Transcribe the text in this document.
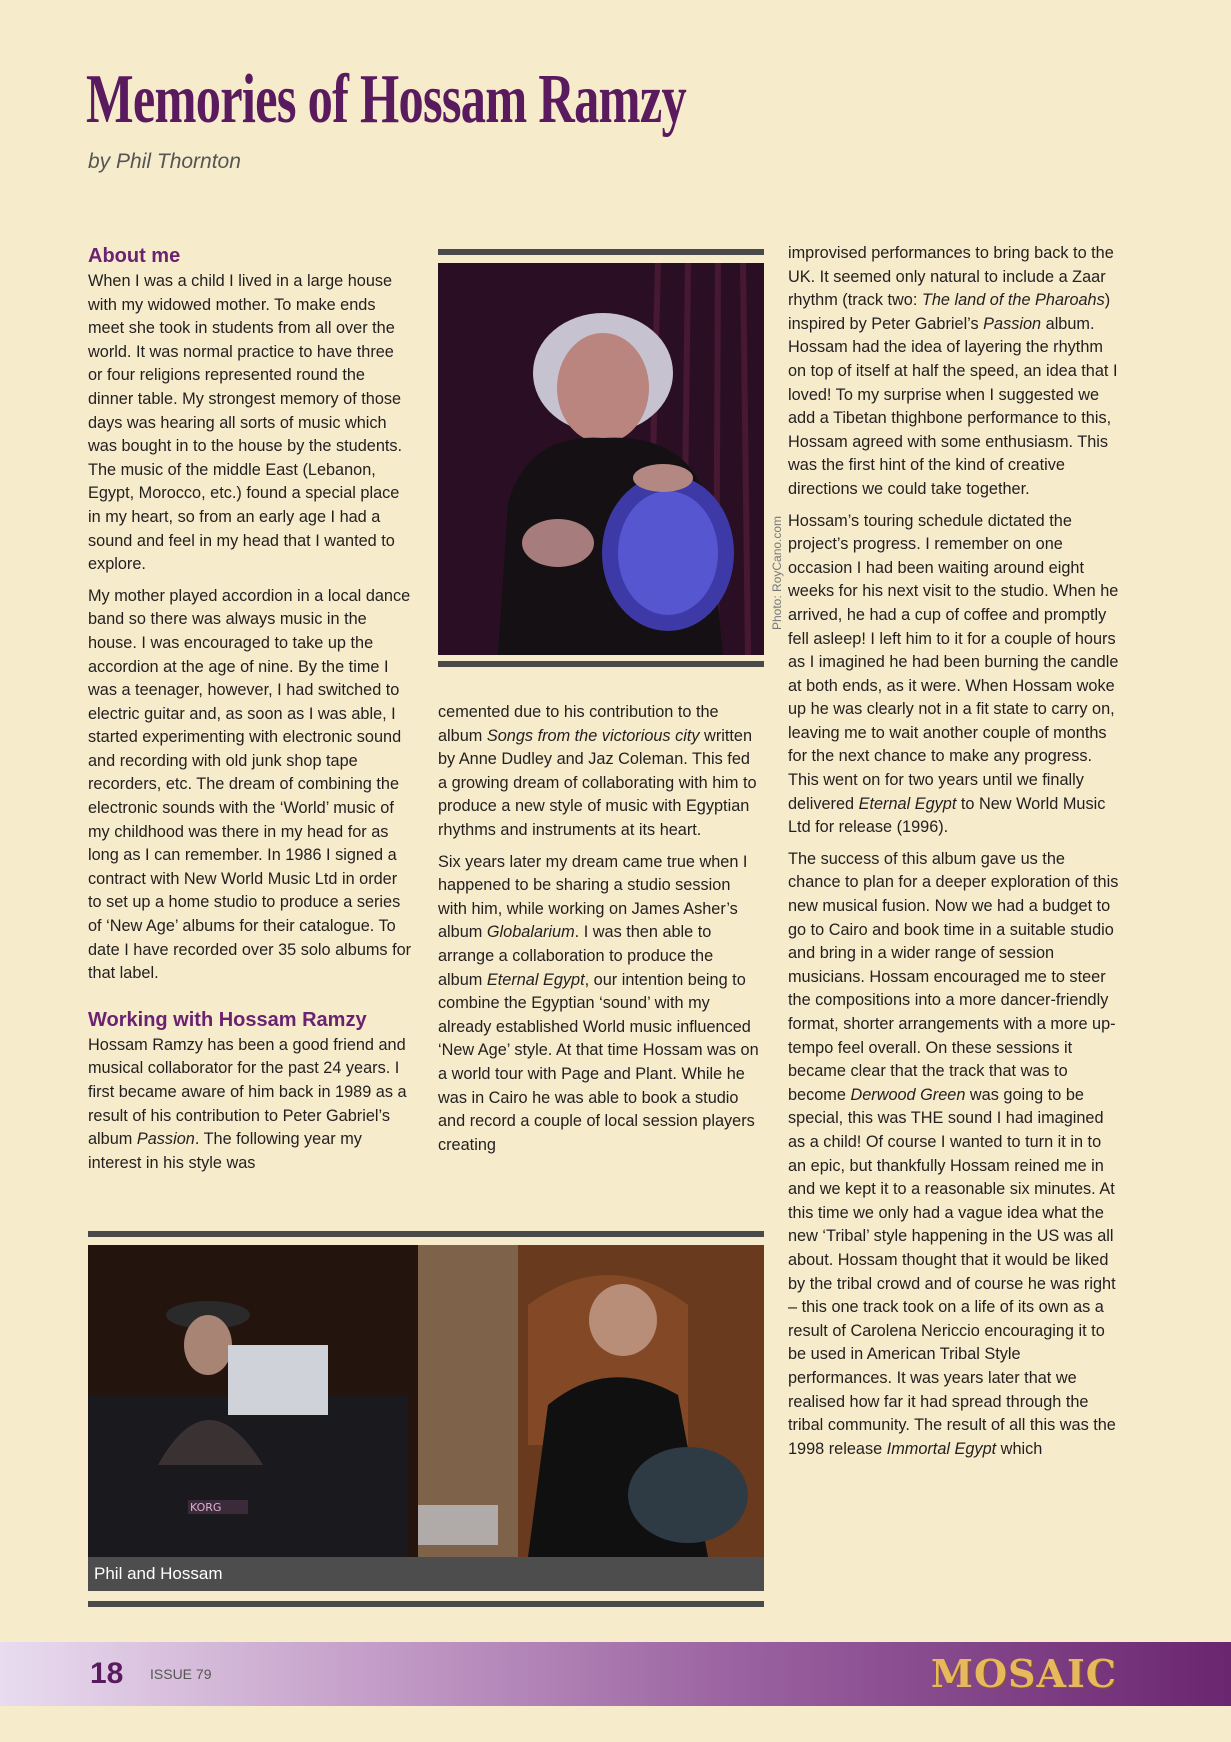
Memories of Hossam Ramzy
by Phil Thornton
About me

When I was a child I lived in a large house with my widowed mother. To make ends meet she took in students from all over the world. It was normal practice to have three or four religions represented round the dinner table. My strongest memory of those days was hearing all sorts of music which was bought in to the house by the students. The music of the middle East (Lebanon, Egypt, Morocco, etc.) found a special place in my heart, so from an early age I had a sound and feel in my head that I wanted to explore.

My mother played accordion in a local dance band so there was always music in the house. I was encouraged to take up the accordion at the age of nine. By the time I was a teenager, however, I had switched to electric guitar and, as soon as I was able, I started experimenting with electronic sound and recording with old junk shop tape recorders, etc. The dream of combining the electronic sounds with the ‘World’ music of my childhood was there in my head for as long as I can remember. In 1986 I signed a contract with New World Music Ltd in order to set up a home studio to produce a series of ‘New Age’ albums for their catalogue. To date I have recorded over 35 solo albums for that label.

Working with Hossam Ramzy

Hossam Ramzy has been a good friend and musical collaborator for the past 24 years. I first became aware of him back in 1989 as a result of his contribution to Peter Gabriel’s album Passion. The following year my interest in his style was

Photo: RoyCano.com

cemented due to his contribution to the album Songs from the victorious city written by Anne Dudley and Jaz Coleman. This fed a growing dream of collaborating with him to produce a new style of music with Egyptian rhythms and instruments at its heart.

Six years later my dream came true when I happened to be sharing a studio session with him, while working on James Asher’s album Globalarium. I was then able to arrange a collaboration to produce the album Eternal Egypt, our intention being to combine the Egyptian ‘sound’ with my already established World music influenced ‘New Age’ style. At that time Hossam was on a world tour with Page and Plant. While he was in Cairo he was able to book a studio and record a couple of local session players creating

improvised performances to bring back to the UK. It seemed only natural to include a Zaar rhythm (track two: The land of the Pharoahs) inspired by Peter Gabriel’s Passion album. Hossam had the idea of layering the rhythm on top of itself at half the speed, an idea that I loved! To my surprise when I suggested we add a Tibetan thighbone performance to this, Hossam agreed with some enthusiasm. This was the first hint of the kind of creative directions we could take together.

Hossam’s touring schedule dictated the project’s progress. I remember on one occasion I had been waiting around eight weeks for his next visit to the studio. When he arrived, he had a cup of coffee and promptly fell asleep! I left him to it for a couple of hours as I imagined he had been burning the candle at both ends, as it were. When Hossam woke up he was clearly not in a fit state to carry on, leaving me to wait another couple of months for the next chance to make any progress. This went on for two years until we finally delivered Eternal Egypt to New World Music Ltd for release (1996).

The success of this album gave us the chance to plan for a deeper exploration of this new musical fusion. Now we had a budget to go to Cairo and book time in a suitable studio and bring in a wider range of session musicians. Hossam encouraged me to steer the compositions into a more dancer-friendly format, shorter arrangements with a more up-tempo feel overall. On these sessions it became clear that the track that was to become Derwood Green was going to be special, this was THE sound I had imagined as a child! Of course I wanted to turn it in to an epic, but thankfully Hossam reined me in and we kept it to a reasonable six minutes. At this time we only had a vague idea what the new ‘Tribal’ style happening in the US was all about. Hossam thought that it would be liked by the tribal crowd and of course he was right – this one track took on a life of its own as a result of Carolena Nericcio encouraging it to be used in American Tribal Style performances. It was years later that we realised how far it had spread through the tribal community. The result of all this was the 1998 release Immortal Egypt which

KORG
Phil and Hossam
18 ISSUE 79	MOSAIC
